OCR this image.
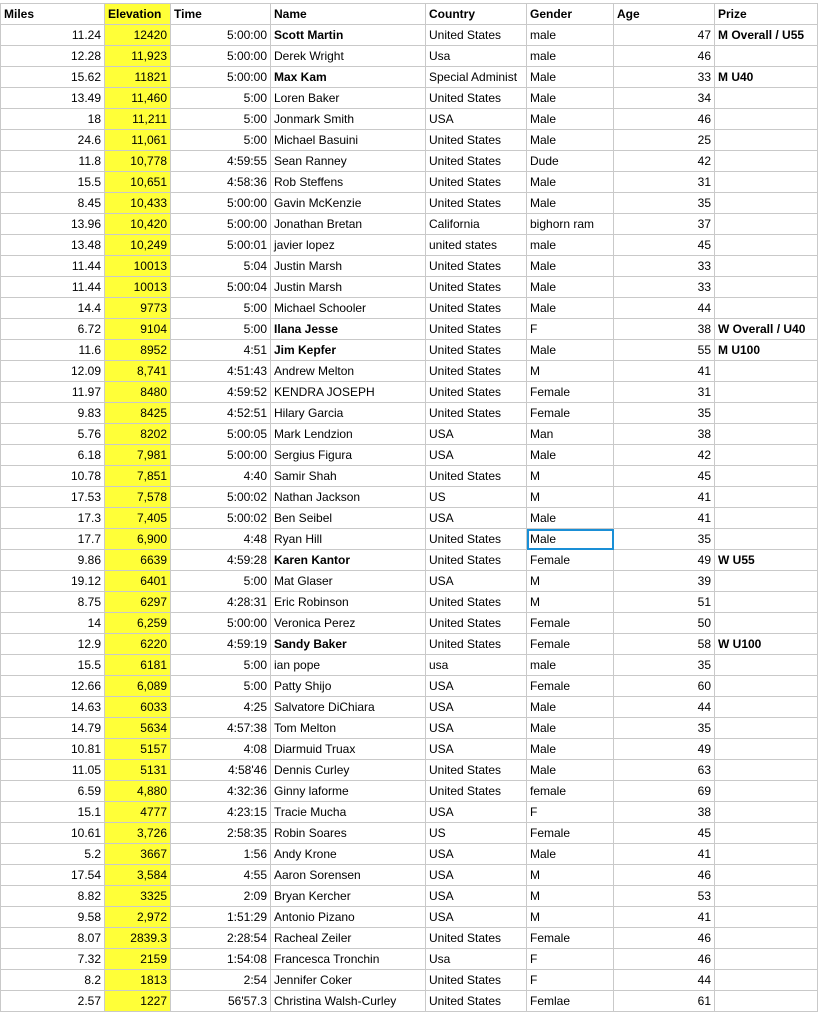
Miles	Elevation	Time	Name	Country	Gender	Age	Prize
11.24	12420	5:00:00	Scott Martin	United States	male	47	M Overall / U55
12.28	11,923	5:00:00	Derek Wright	Usa	male	46	
15.62	11821	5:00:00	Max Kam	Special Administ	Male	33	M U40
13.49	11,460	5:00	Loren Baker	United States	Male	34	
18	11,211	5:00	Jonmark Smith	USA	Male	46	
24.6	11,061	5:00	Michael Basuini	United States	Male	25	
11.8	10,778	4:59:55	Sean Ranney	United States	Dude	42	
15.5	10,651	4:58:36	Rob Steffens	United States	Male	31	
8.45	10,433	5:00:00	Gavin McKenzie	United States	Male	35	
13.96	10,420	5:00:00	Jonathan Bretan	California	bighorn ram	37	
13.48	10,249	5:00:01	javier lopez	united states	male	45	
11.44	10013	5:04	Justin Marsh	United States	Male	33	
11.44	10013	5:00:04	Justin Marsh	United States	Male	33	
14.4	9773	5:00	Michael Schooler	United States	Male	44	
6.72	9104	5:00	Ilana Jesse	United States	F	38	W Overall / U40
11.6	8952	4:51	Jim Kepfer	United States	Male	55	M U100
12.09	8,741	4:51:43	Andrew Melton	United States	M	41	
11.97	8480	4:59:52	KENDRA JOSEPH	United States	Female	31	
9.83	8425	4:52:51	Hilary Garcia	United States	Female	35	
5.76	8202	5:00:05	Mark Lendzion	USA	Man	38	
6.18	7,981	5:00:00	Sergius Figura	USA	Male	42	
10.78	7,851	4:40	Samir Shah	United States	M	45	
17.53	7,578	5:00:02	Nathan Jackson	US	M	41	
17.3	7,405	5:00:02	Ben Seibel	USA	Male	41	
17.7	6,900	4:48	Ryan Hill	United States	Male	35	
9.86	6639	4:59:28	Karen Kantor	United States	Female	49	W U55
19.12	6401	5:00	Mat Glaser	USA	M	39	
8.75	6297	4:28:31	Eric Robinson	United States	M	51	
14	6,259	5:00:00	Veronica Perez	United States	Female	50	
12.9	6220	4:59:19	Sandy Baker	United States	Female	58	W U100
15.5	6181	5:00	ian pope	usa	male	35	
12.66	6,089	5:00	Patty Shijo	USA	Female	60	
14.63	6033	4:25	Salvatore DiChiara	USA	Male	44	
14.79	5634	4:57:38	Tom Melton	USA	Male	35	
10.81	5157	4:08	Diarmuid Truax	USA	Male	49	
11.05	5131	4:58'46	Dennis Curley	United States	Male	63	
6.59	4,880	4:32:36	Ginny laforme	United States	female	69	
15.1	4777	4:23:15	Tracie Mucha	USA	F	38	
10.61	3,726	2:58:35	Robin Soares	US	Female	45	
5.2	3667	1:56	Andy Krone	USA	Male	41	
17.54	3,584	4:55	Aaron Sorensen	USA	M	46	
8.82	3325	2:09	Bryan Kercher	USA	M	53	
9.58	2,972	1:51:29	Antonio Pizano	USA	M	41	
8.07	2839.3	2:28:54	Racheal Zeiler	United States	Female	46	
7.32	2159	1:54:08	Francesca Tronchin	Usa	F	46	
8.2	1813	2:54	Jennifer Coker	United States	F	44	
2.57	1227	56'57.3	Christina Walsh-Curley	United States	Femlae	61	
